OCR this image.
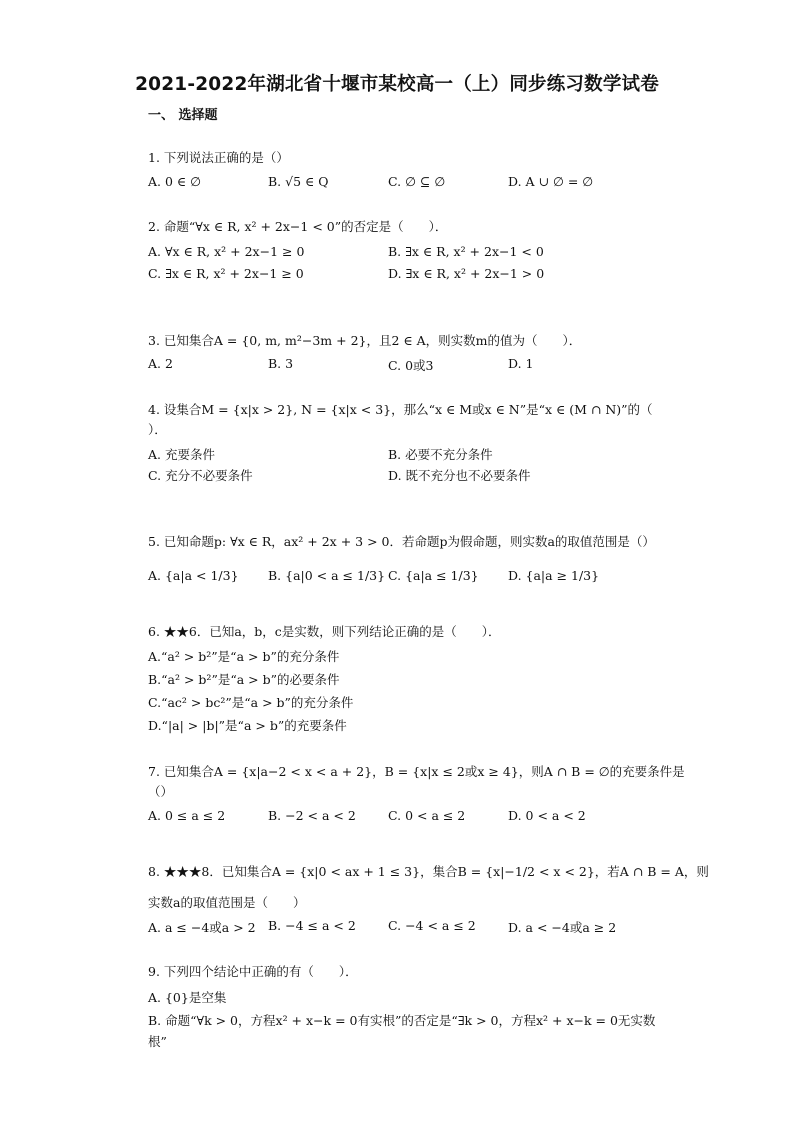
2021-2022年湖北省十堰市某校高一（上）同步练习数学试卷
一、 选择题
1. 下列说法正确的是（）
A. 0 ∈ ∅	B. √5 ∈ Q	C. ∅ ⊆ ∅	D. A ∪ ∅ = ∅
2. 命题“∀x ∈ R, x² + 2x−1 < 0”的否定是（　　）．
A. ∀x ∈ R, x² + 2x−1 ≥ 0	B. ∃x ∈ R, x² + 2x−1 < 0
C. ∃x ∈ R, x² + 2x−1 ≥ 0	D. ∃x ∈ R, x² + 2x−1 > 0
3. 已知集合A = {0, m, m²−3m + 2}，且2 ∈ A，则实数m的值为（　　）．
A. 2	B. 3	C. 0或3	D. 1
4. 设集合M = {x|x > 2}, N = {x|x < 3}，那么“x ∈ M或x ∈ N”是“x ∈ (M ∩ N)”的（
）．
A. 充要条件	B. 必要不充分条件
C. 充分不必要条件	D. 既不充分也不必要条件
5. 已知命题p: ∀x ∈ R，ax² + 2x + 3 > 0．若命题p为假命题，则实数a的取值范围是（）
A. {a|a < 1/3} B. {a|0 < a ≤ 1/3} C. {a|a ≤ 1/3} D. {a|a ≥ 1/3}
6. ★★6．已知a，b，c是实数，则下列结论正确的是（　　）．
A.“a² > b²”是“a > b”的充分条件
B.“a² > b²”是“a > b”的必要条件
C.“ac² > bc²”是“a > b”的充分条件
D.“|a| > |b|”是“a > b”的充要条件
7. 已知集合A = {x|a−2 < x < a + 2}，B = {x|x ≤ 2或x ≥ 4}，则A ∩ B = ∅的充要条件是
（）
A. 0 ≤ a ≤ 2	B. −2 < a < 2	C. 0 < a ≤ 2	D. 0 < a < 2
8. ★★★8．已知集合A = {x|0 < ax + 1 ≤ 3}，集合B = {x|−1/2 < x < 2}，若A ∩ B = A，则
实数a的取值范围是（　　）
A. a ≤ −4或a > 2 B. −4 ≤ a < 2	C. −4 < a ≤ 2	D. a < −4或a ≥ 2
9. 下列四个结论中正确的有（　　）．
A. {0}是空集
B. 命题“∀k > 0，方程x² + x−k = 0有实根”的否定是“∃k > 0，方程x² + x−k = 0无实数
根”
